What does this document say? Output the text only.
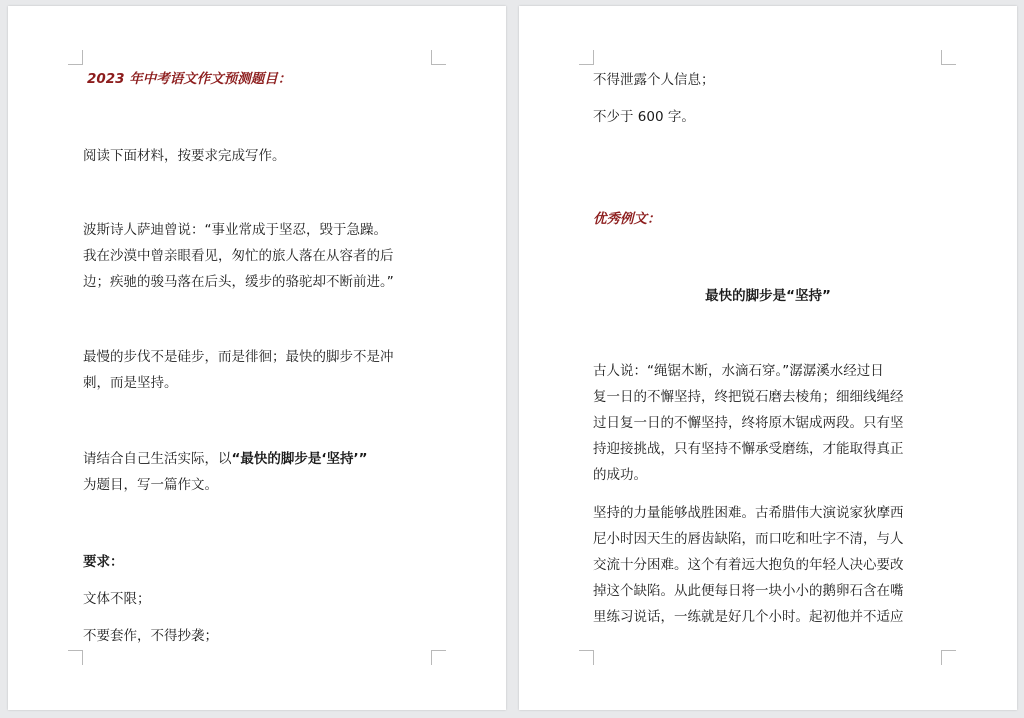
2023 年中考语文作文预测题目：
阅读下面材料，按要求完成写作。
波斯诗人萨迪曾说：“事业常成于坚忍，毁于急躁。
我在沙漠中曾亲眼看见，匆忙的旅人落在从容者的后
边；疾驰的骏马落在后头，缓步的骆驼却不断前进。”
最慢的步伐不是硅步，而是徘徊；最快的脚步不是冲
刺，而是坚持。
请结合自己生活实际，以“最快的脚步是‘坚持’”
为题目，写一篇作文。
要求：
文体不限；
不要套作，不得抄袭；
不得泄露个人信息；
不少于 600 字。
优秀例文：
最快的脚步是“坚持”
古人说：“绳锯木断，水滴石穿。”潺潺溪水经过日
复一日的不懈坚持，终把锐石磨去棱角；细细线绳经
过日复一日的不懈坚持，终将原木锯成两段。只有坚
持迎接挑战，只有坚持不懈承受磨练，才能取得真正
的成功。
坚持的力量能够战胜困难。古希腊伟大演说家狄摩西
尼小时因天生的唇齿缺陷，而口吃和吐字不清，与人
交流十分困难。这个有着远大抱负的年轻人决心要改
掉这个缺陷。从此便每日将一块小小的鹅卵石含在嘴
里练习说话，一练就是好几个小时。起初他并不适应
